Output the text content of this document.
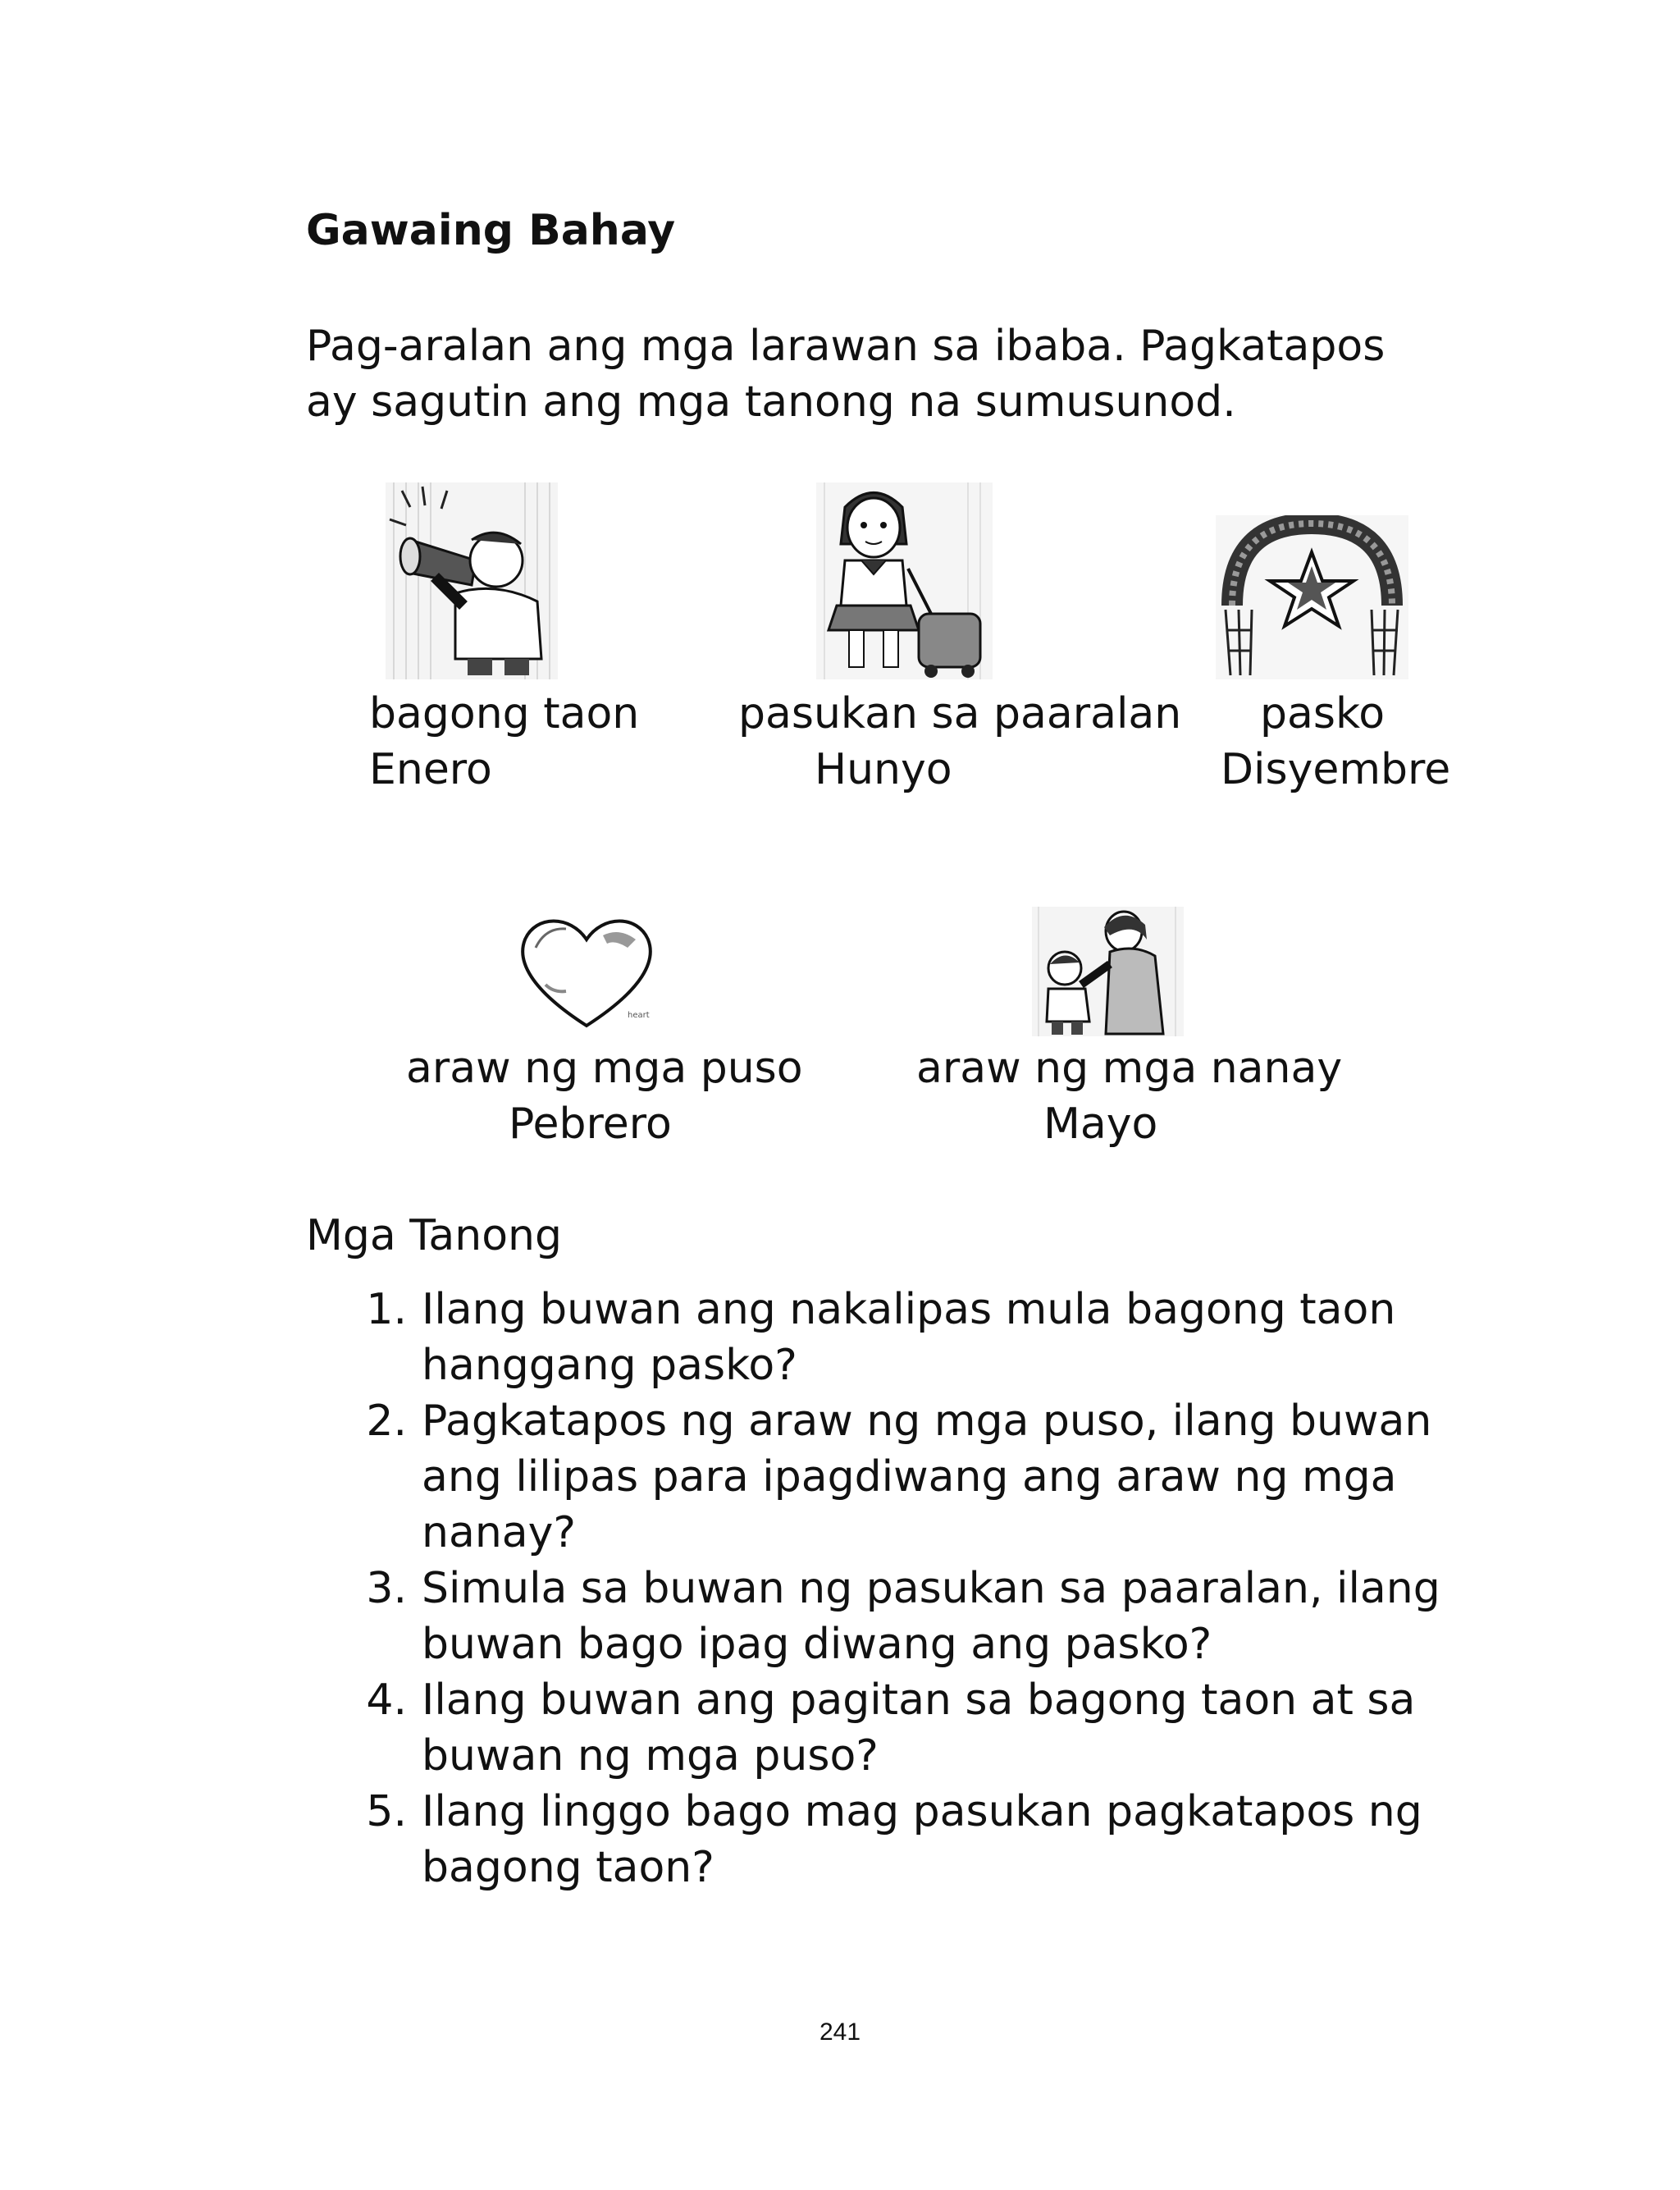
Gawaing Bahay

Pag-aralan ang mga larawan sa ibaba. Pagkatapos
ay sagutin ang mga tanong na sumusunod.

bagong taon
Enero
pasukan sa paaralan
Hunyo
pasko
Disyembre
heart
araw ng mga puso
Pebrero
araw ng mga nanay
Mayo
Mga Tanong
1. Ilang buwan ang nakalipas mula bagong taon
hanggang pasko?
2. Pagkatapos ng araw ng mga puso, ilang buwan
ang lilipas para ipagdiwang ang araw ng mga
nanay?
3. Simula sa buwan ng pasukan sa paaralan, ilang
buwan bago ipag diwang ang pasko?
4. Ilang buwan ang pagitan sa bagong taon at sa
buwan ng mga puso?
5. Ilang linggo bago mag pasukan pagkatapos ng
bagong taon?
241
